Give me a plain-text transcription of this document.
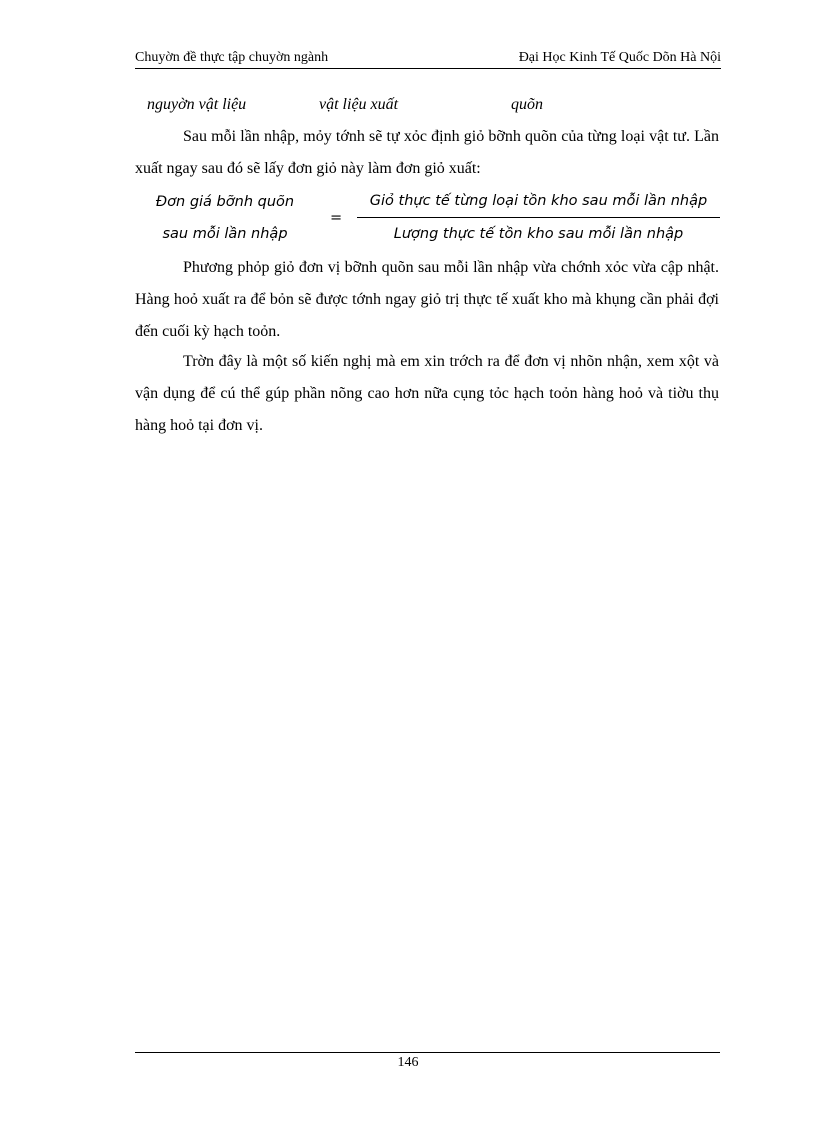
Chuyờn đề thực tập chuyờn ngành	Đại Học Kinh Tế Quốc Dõn Hà Nội
nguyờn vật liệu	vật liệu xuất	quõn

Sau mỗi lần nhập, mỏy tớnh sẽ tự xỏc định giỏ bỡnh quõn của từng loại vật tư. Lần xuất ngay sau đó sẽ lấy đơn giỏ này làm đơn giỏ xuất:

Đơn giá bỡnh quõn
sau mỗi lần nhập
=
Giỏ thực tế từng loại tồn kho sau mỗi lần nhập
Lượng thực tế tồn kho sau mỗi lần nhập

Phương phỏp giỏ đơn vị bỡnh quõn sau mỗi lần nhập vừa chớnh xỏc vừa cập nhật. Hàng hoỏ xuất ra để bỏn sẽ được tớnh ngay giỏ trị thực tế xuất kho mà khụng cần phải đợi đến cuối kỳ hạch toỏn.

Trờn đây là một số kiến nghị mà em xin trớch ra để đơn vị nhõn nhận, xem xột và vận dụng để cú thể gúp phần nõng cao hơn nữa cụng tỏc hạch toỏn hàng hoỏ và tiờu thụ hàng hoỏ tại đơn vị.

146
